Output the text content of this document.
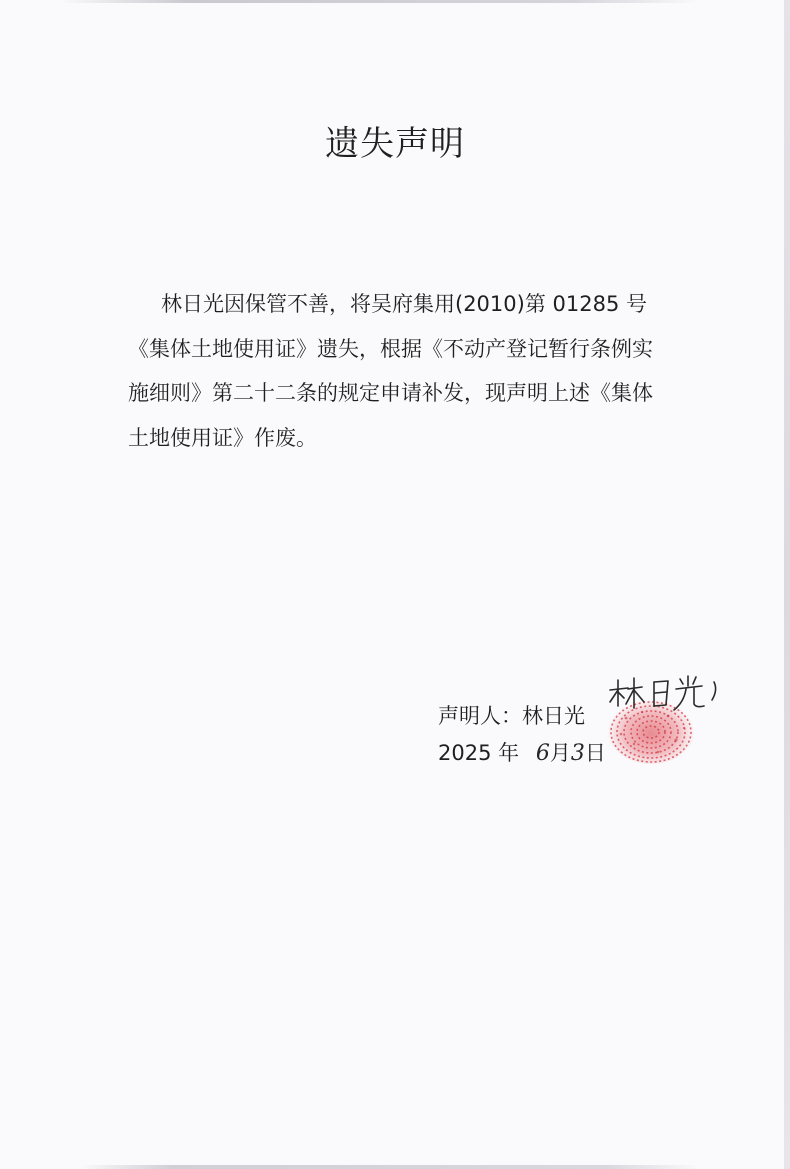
遗失声明
林日光因保管不善，将吴府集用(2010)第 01285 号
《集体土地使用证》遗失，根据《不动产登记暂行条例实
施细则》第二十二条的规定申请补发，现声明上述《集体
土地使用证》作废。
声明人：林日光
2025 年 6月3日
